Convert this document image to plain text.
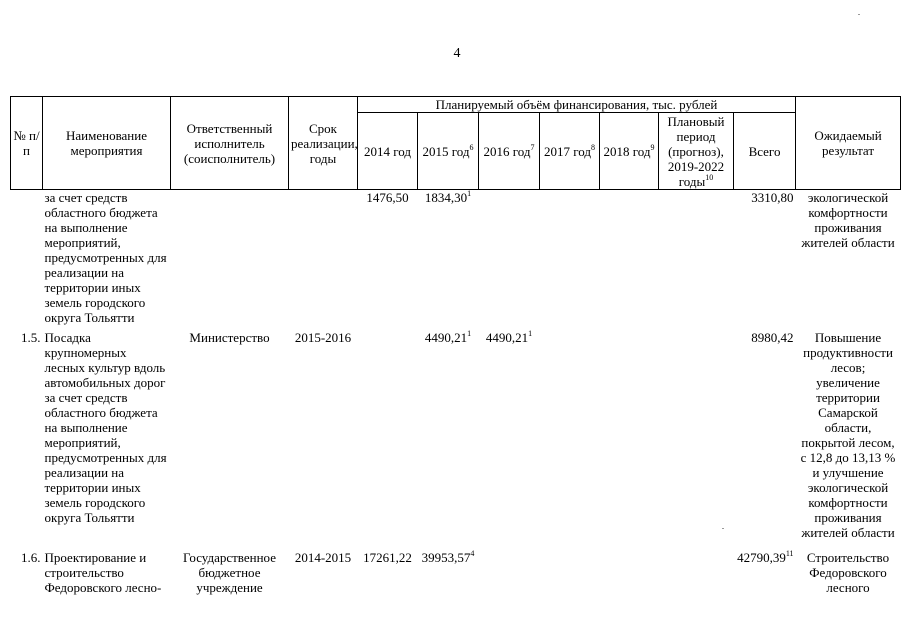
4
№ п/п	Наименование мероприятия	Ответственный исполнитель (соисполнитель)	Срок реализации, годы	Планируемый объём финансирования, тыс. рублей							Ожидаемый результат
				2014 год	2015 год$^6$	2016 год$^7$	2017 год$^8$	2018 год$^9$	Плановый период (прогноз), 2019-2022 годы$^{10}$	Всего	
	за счет средств областного бюджета на выполнение мероприятий, предусмотренных для реализации на территории иных земель городского округа Тольятти			1476,50	1834,30$^1$					3310,80	экологической комфортности проживания жителей области
1.5.	Посадка крупномерных лесных культур вдоль автомобильных дорог за счет средств областного бюджета на выполнение мероприятий, предусмотренных для реализации на территории иных земель городского округа Тольятти	Министерство	2015-2016		4490,21$^1$	4490,21$^1$				8980,42	Повышение продуктивности лесов; увеличение территории Самарской области, покрытой лесом, с 12,8 до 13,13 % и улучшение экологической комфортности проживания жителей области
1.6.	Проектирование и строительство Федоровского лесно-	Государственное бюджетное учреждение	2014-2015	17261,22	39953,57$^4$					42790,39$^{11}$	Строительство Федоровского лесного
